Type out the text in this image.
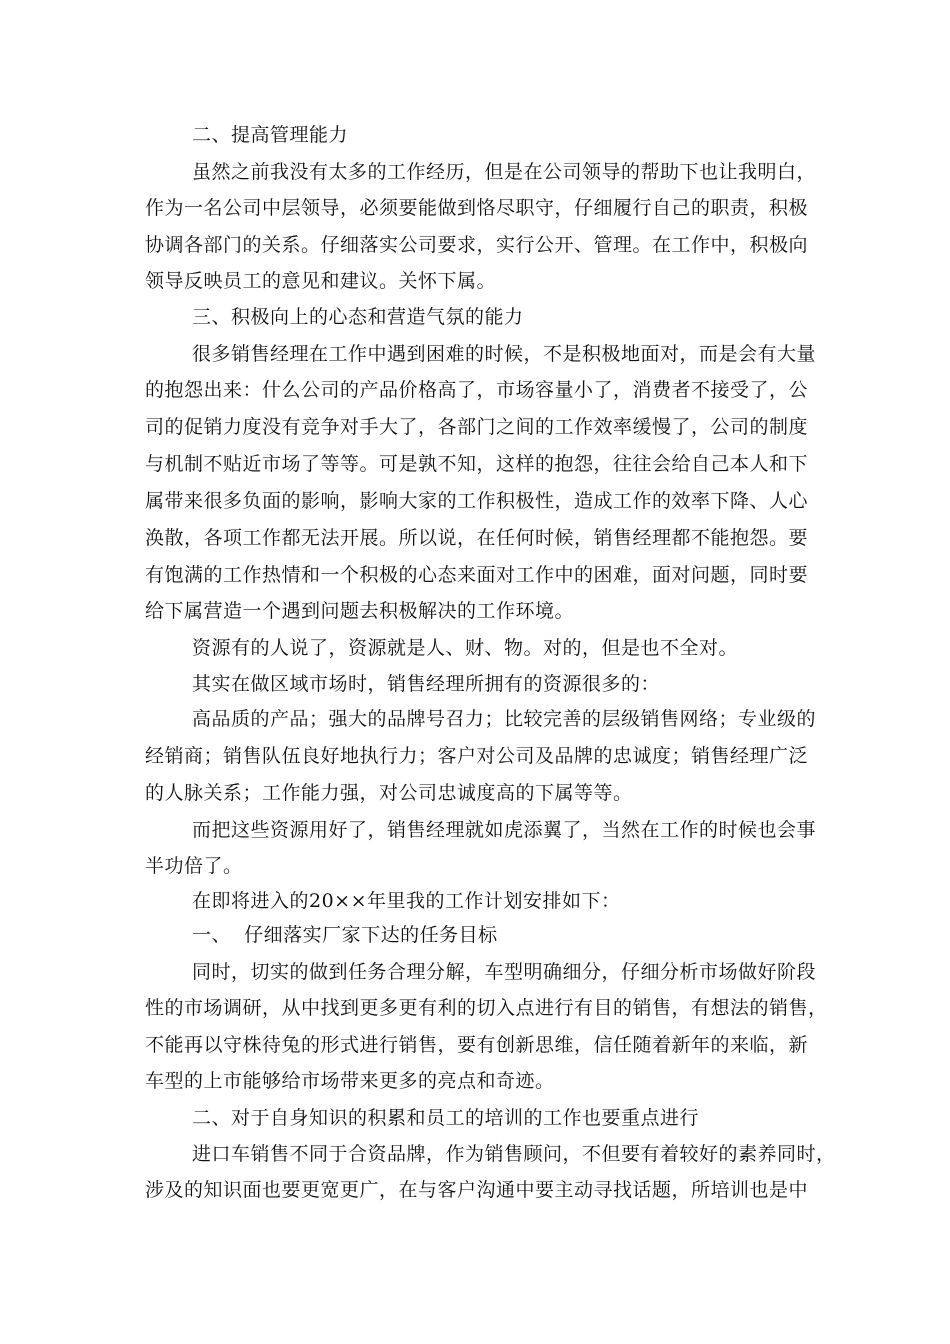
二、提高管理能力
虽然之前我没有太多的工作经历，但是在公司领导的帮助下也让我明白，
作为一名公司中层领导，必须要能做到恪尽职守，仔细履行自己的职责，积极
协调各部门的关系。仔细落实公司要求，实行公开、管理。在工作中，积极向
领导反映员工的意见和建议。关怀下属。
三、积极向上的心态和营造气氛的能力
很多销售经理在工作中遇到困难的时候，不是积极地面对，而是会有大量
的抱怨出来：什么公司的产品价格高了，市场容量小了，消费者不接受了，公
司的促销力度没有竞争对手大了，各部门之间的工作效率缓慢了，公司的制度
与机制不贴近市场了等等。可是孰不知，这样的抱怨，往往会给自己本人和下
属带来很多负面的影响，影响大家的工作积极性，造成工作的效率下降、人心
涣散，各项工作都无法开展。所以说，在任何时候，销售经理都不能抱怨。要
有饱满的工作热情和一个积极的心态来面对工作中的困难，面对问题，同时要
给下属营造一个遇到问题去积极解决的工作环境。
资源有的人说了，资源就是人、财、物。对的，但是也不全对。
其实在做区域市场时，销售经理所拥有的资源很多的：
高品质的产品；强大的品牌号召力；比较完善的层级销售网络；专业级的
经销商；销售队伍良好地执行力；客户对公司及品牌的忠诚度；销售经理广泛
的人脉关系；工作能力强，对公司忠诚度高的下属等等。
而把这些资源用好了，销售经理就如虎添翼了，当然在工作的时候也会事
半功倍了。
在即将进入的20××年里我的工作计划安排如下：
一、  仔细落实厂家下达的任务目标
同时，切实的做到任务合理分解，车型明确细分，仔细分析市场做好阶段
性的市场调研，从中找到更多更有利的切入点进行有目的销售，有想法的销售，
不能再以守株待兔的形式进行销售，要有创新思维，信任随着新年的来临，新
车型的上市能够给市场带来更多的亮点和奇迹。
二、对于自身知识的积累和员工的培训的工作也要重点进行
进口车销售不同于合资品牌，作为销售顾问，不但要有着较好的素养同时，
涉及的知识面也要更宽更广，在与客户沟通中要主动寻找话题，所培训也是中
